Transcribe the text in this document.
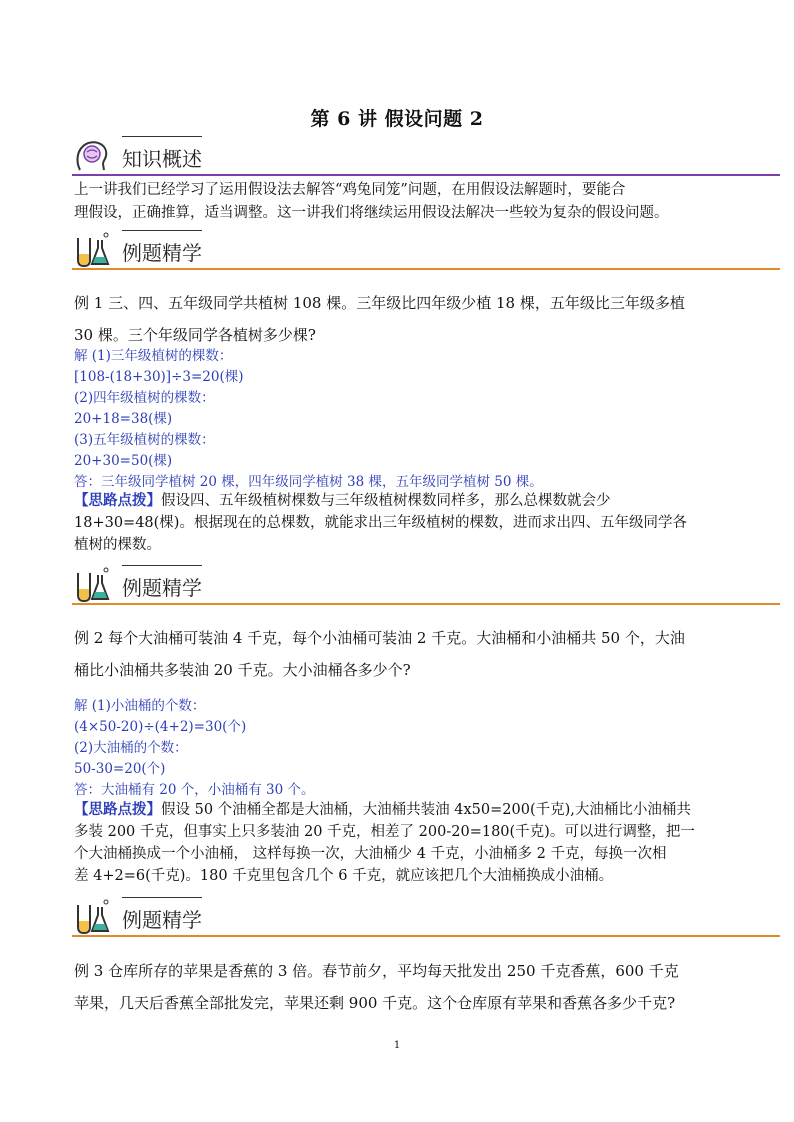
第 6 讲 假设问题 2
知识概述
上一讲我们已经学习了运用假设法去解答“鸡兔同笼”问题，在用假设法解题时，要能合
理假设，正确推算，适当调整。这一讲我们将继续运用假设法解决一些较为复杂的假设问题。
例题精学
例 1 三、四、五年级同学共植树 108 棵。三年级比四年级少植 18 棵，五年级比三年级多植
30 棵。三个年级同学各植树多少棵?
解 (1)三年级植树的棵数：
[108-(18+30)]÷3=20(棵)
(2)四年级植树的棵数：
20+18=38(棵)
(3)五年级植树的棵数：
20+30=50(棵)
答：三年级同学植树 20 棵，四年级同学植树 38 棵，五年级同学植树 50 棵。
【思路点拨】假设四、五年级植树棵数与三年级植树棵数同样多，那么总棵数就会少
18+30=48(棵)。根据现在的总棵数，就能求出三年级植树的棵数，进而求出四、五年级同学各
植树的棵数。
例题精学
例 2 每个大油桶可装油 4 千克，每个小油桶可装油 2 千克。大油桶和小油桶共 50 个，大油
桶比小油桶共多装油 20 千克。大小油桶各多少个?
解 (1)小油桶的个数：
(4×50-20)÷(4+2)=30(个)
(2)大油桶的个数：
50-30=20(个)
答：大油桶有 20 个，小油桶有 30 个。
【思路点拨】假设 50 个油桶全都是大油桶，大油桶共装油 4x50=200(千克),大油桶比小油桶共
多装 200 千克，但事实上只多装油 20 千克，相差了 200-20=180(千克)。可以进行调整，把一
个大油桶换成一个小油桶， 这样每换一次，大油桶少 4 千克，小油桶多 2 千克，每换一次相
差 4+2=6(千克)。180 千克里包含几个 6 千克，就应该把几个大油桶换成小油桶。
例题精学
例 3 仓库所存的苹果是香蕉的 3 倍。春节前夕，平均每天批发出 250 千克香蕉，600 千克
苹果，几天后香蕉全部批发完，苹果还剩 900 千克。这个仓库原有苹果和香蕉各多少千克?
1
